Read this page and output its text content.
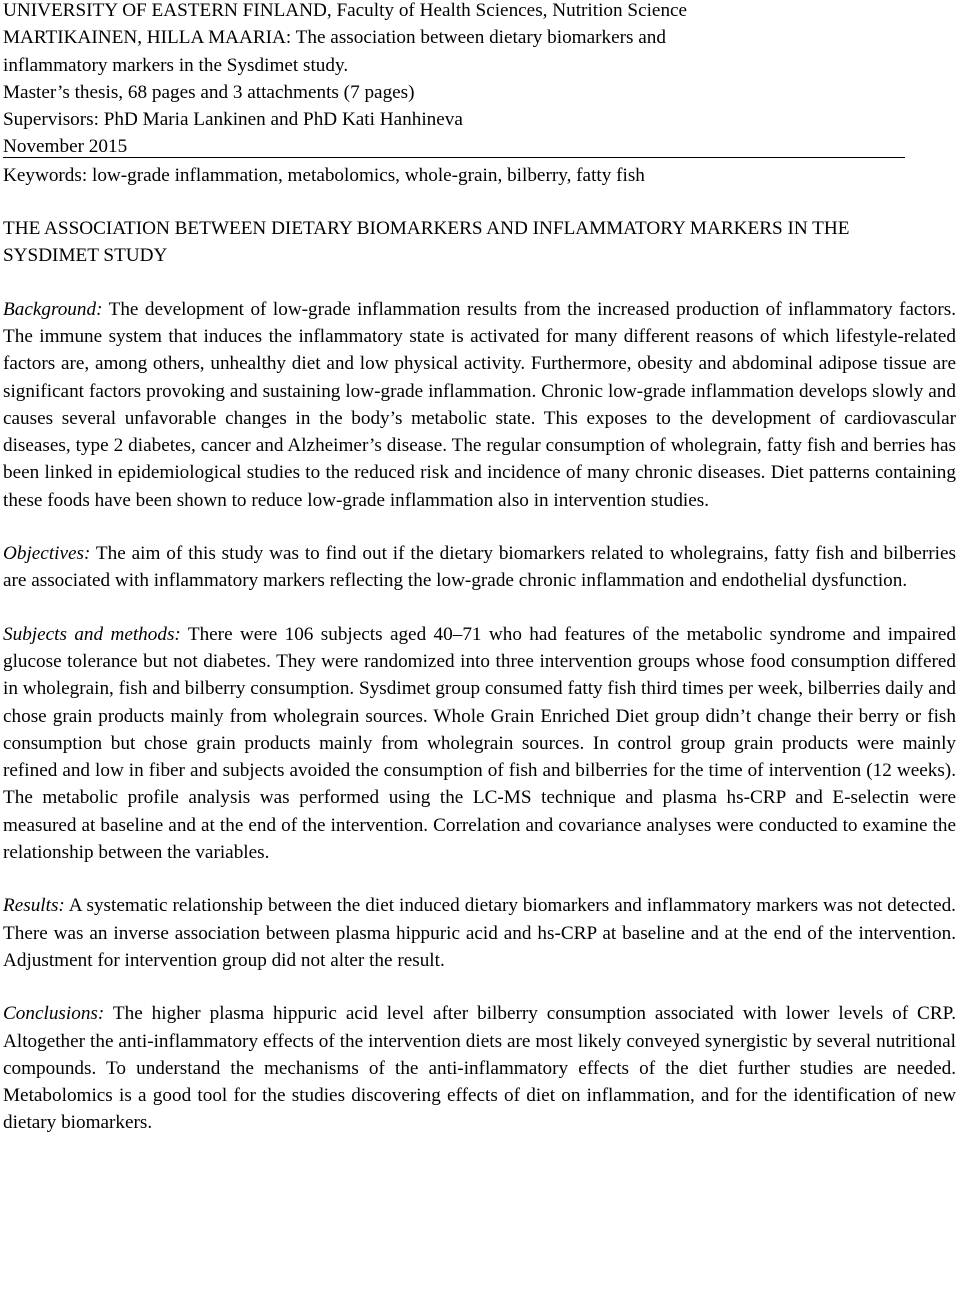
UNIVERSITY OF EASTERN FINLAND, Faculty of Health Sciences, Nutrition Science

MARTIKAINEN, HILLA MAARIA: The association between dietary biomarkers and

inflammatory markers in the Sysdimet study.

Master’s thesis, 68 pages and 3 attachments (7 pages)

Supervisors: PhD Maria Lankinen and PhD Kati Hanhineva

November 2015

Keywords: low-grade inflammation, metabolomics, whole-grain, bilberry, fatty fish

THE ASSOCIATION BETWEEN DIETARY BIOMARKERS AND INFLAMMATORY MARKERS IN THE SYSDIMET STUDY

Background: The development of low-grade inflammation results from the increased production of inflammatory factors. The immune system that induces the inflammatory state is activated for many different reasons of which lifestyle-related factors are, among others, unhealthy diet and low physical activity. Furthermore, obesity and abdominal adipose tissue are significant factors provoking and sustaining low-grade inflammation. Chronic low-grade inflammation develops slowly and causes several unfavorable changes in the body’s metabolic state. This exposes to the development of cardiovascular diseases, type 2 diabetes, cancer and Alzheimer’s disease. The regular consumption of wholegrain, fatty fish and berries has been linked in epidemiological studies to the reduced risk and incidence of many chronic diseases. Diet patterns containing these foods have been shown to reduce low-grade inflammation also in intervention studies.

Objectives: The aim of this study was to find out if the dietary biomarkers related to wholegrains, fatty fish and bilberries are associated with inflammatory markers reflecting the low-grade chronic inflammation and endothelial dysfunction.

Subjects and methods: There were 106 subjects aged 40–71 who had features of the metabolic syndrome and impaired glucose tolerance but not diabetes. They were randomized into three intervention groups whose food consumption differed in wholegrain, fish and bilberry consumption. Sysdimet group consumed fatty fish third times per week, bilberries daily and chose grain products mainly from wholegrain sources. Whole Grain Enriched Diet group didn’t change their berry or fish consumption but chose grain products mainly from wholegrain sources. In control group grain products were mainly refined and low in fiber and subjects avoided the consumption of fish and bilberries for the time of intervention (12 weeks). The metabolic profile analysis was performed using the LC-MS technique and plasma hs-CRP and E-selectin were measured at baseline and at the end of the intervention. Correlation and covariance analyses were conducted to examine the relationship between the variables.

Results: A systematic relationship between the diet induced dietary biomarkers and inflammatory markers was not detected. There was an inverse association between plasma hippuric acid and hs-CRP at baseline and at the end of the intervention. Adjustment for intervention group did not alter the result.

Conclusions: The higher plasma hippuric acid level after bilberry consumption associated with lower levels of CRP. Altogether the anti-inflammatory effects of the intervention diets are most likely conveyed synergistic by several nutritional compounds. To understand the mechanisms of the anti-inflammatory effects of the diet further studies are needed. Metabolomics is a good tool for the studies discovering effects of diet on inflammation, and for the identification of new dietary biomarkers.
